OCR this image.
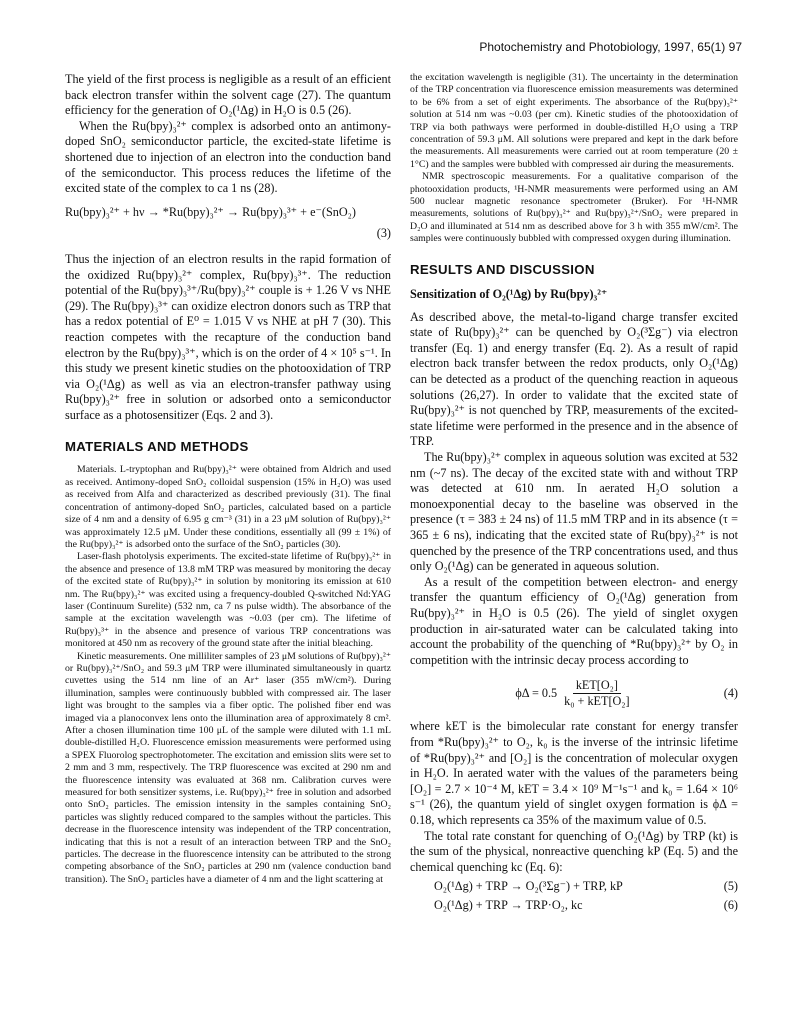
Photochemistry and Photobiology, 1997, 65(1) 97

The yield of the first process is negligible as a result of an efficient back electron transfer within the solvent cage (27). The quantum efficiency for the generation of O₂(¹Δg) in H₂O is 0.5 (26).

When the Ru(bpy)₃²⁺ complex is adsorbed onto an antimony-doped SnO₂ semiconductor particle, the excited-state lifetime is shortened due to injection of an electron into the conduction band of the semiconductor. This process reduces the lifetime of the excited state of the complex to ca 1 ns (28).

Ru(bpy)₃²⁺ + hν → *Ru(bpy)₃²⁺ → Ru(bpy)₃³⁺ + e⁻(SnO₂)
(3)

Thus the injection of an electron results in the rapid formation of the oxidized Ru(bpy)₃²⁺ complex, Ru(bpy)₃³⁺. The reduction potential of the Ru(bpy)₃³⁺/Ru(bpy)₃²⁺ couple is + 1.26 V vs NHE (29). The Ru(bpy)₃³⁺ can oxidize electron donors such as TRP that has a redox potential of E⁰ = 1.015 V vs NHE at pH 7 (30). This reaction competes with the recapture of the conduction band electron by the Ru(bpy)₃³⁺, which is on the order of 4 × 10⁵ s⁻¹. In this study we present kinetic studies on the photooxidation of TRP via O₂(¹Δg) as well as via an electron-transfer pathway using Ru(bpy)₃²⁺ free in solution or adsorbed onto a semiconductor surface as a photosensitizer (Eqs. 2 and 3).

MATERIALS AND METHODS

Materials. L-tryptophan and Ru(bpy)₃²⁺ were obtained from Aldrich and used as received. Antimony-doped SnO₂ colloidal suspension (15% in H₂O) was used as received from Alfa and characterized as described previously (31). The final concentration of antimony-doped SnO₂ particles, calculated based on a particle size of 4 nm and a density of 6.95 g cm⁻³ (31) in a 23 μM solution of Ru(bpy)₃²⁺ was approximately 12.5 μM. Under these conditions, essentially all (99 ± 1%) of the Ru(bpy)₃²⁺ is adsorbed onto the surface of the SnO₂ particles (30).

Laser-flash photolysis experiments. The excited-state lifetime of Ru(bpy)₃²⁺ in the absence and presence of 13.8 mM TRP was measured by monitoring the decay of the excited state of Ru(bpy)₃²⁺ in solution by monitoring its emission at 610 nm. The Ru(bpy)₃²⁺ was excited using a frequency-doubled Q-switched Nd:YAG laser (Continuum Surelite) (532 nm, ca 7 ns pulse width). The absorbance of the sample at the excitation wavelength was ~0.03 (per cm). The lifetime of Ru(bpy)₃³⁺ in the absence and presence of various TRP concentrations was monitored at 450 nm as recovery of the ground state after the initial bleaching.

Kinetic measurements. One milliliter samples of 23 μM solutions of Ru(bpy)₃²⁺ or Ru(bpy)₃²⁺/SnO₂ and 59.3 μM TRP were illuminated simultaneously in quartz cuvettes using the 514 nm line of an Ar⁺ laser (355 mW/cm²). During illumination, samples were continuously bubbled with compressed air. The laser light was brought to the samples via a fiber optic. The polished fiber end was imaged via a planoconvex lens onto the illumination area of approximately 8 cm². After a chosen illumination time 100 μL of the sample were diluted with 1.1 mL double-distilled H₂O. Fluorescence emission measurements were performed using a SPEX Fluorolog spectrophotometer. The excitation and emission slits were set to 2 mm and 3 mm, respectively. The TRP fluorescence was excited at 290 nm and the fluorescence intensity was evaluated at 368 nm. Calibration curves were measured for both sensitizer systems, i.e. Ru(bpy)₃²⁺ free in solution and adsorbed onto SnO₂ particles. The emission intensity in the samples containing SnO₂ particles was slightly reduced compared to the samples without the particles. This decrease in the fluorescence intensity was independent of the TRP concentration, indicating that this is not a result of an interaction between TRP and the SnO₂ particles. The decrease in the fluorescence intensity can be attributed to the strong competing absorbance of the SnO₂ particles at 290 nm (valence conduction band transition). The SnO₂ particles have a diameter of 4 nm and the light scattering at

the excitation wavelength is negligible (31). The uncertainty in the determination of the TRP concentration via fluorescence emission measurements was determined to be 6% from a set of eight experiments. The absorbance of the Ru(bpy)₃²⁺ solution at 514 nm was ~0.03 (per cm). Kinetic studies of the photooxidation of TRP via both pathways were performed in double-distilled H₂O using a TRP concentration of 59.3 μM. All solutions were prepared and kept in the dark before the measurements. All measurements were carried out at room temperature (20 ± 1°C) and the samples were bubbled with compressed air during the measurements.

NMR spectroscopic measurements. For a qualitative comparison of the photooxidation products, ¹H-NMR measurements were performed using an AM 500 nuclear magnetic resonance spectrometer (Bruker). For ¹H-NMR measurements, solutions of Ru(bpy)₃²⁺ and Ru(bpy)₃²⁺/SnO₂ were prepared in D₂O and illuminated at 514 nm as described above for 3 h with 355 mW/cm². The samples were continuously bubbled with compressed oxygen during illumination.

RESULTS AND DISCUSSION
Sensitization of O₂(¹Δg) by Ru(bpy)₃²⁺

As described above, the metal-to-ligand charge transfer excited state of Ru(bpy)₃²⁺ can be quenched by O₂(³Σg⁻) via electron transfer (Eq. 1) and energy transfer (Eq. 2). As a result of rapid electron back transfer between the redox products, only O₂(¹Δg) can be detected as a product of the quenching reaction in aqueous solutions (26,27). In order to validate that the excited state of Ru(bpy)₃²⁺ is not quenched by TRP, measurements of the excited-state lifetime were performed in the presence and in the absence of TRP.

The Ru(bpy)₃²⁺ complex in aqueous solution was excited at 532 nm (~7 ns). The decay of the excited state with and without TRP was detected at 610 nm. In aerated H₂O solution a monoexponential decay to the baseline was observed in the presence (τ = 383 ± 24 ns) of 11.5 mM TRP and in its absence (τ = 365 ± 6 ns), indicating that the excited state of Ru(bpy)₃²⁺ is not quenched by the presence of the TRP concentrations used, and thus only O₂(¹Δg) can be generated in aqueous solution.

As a result of the competition between electron- and energy transfer the quantum efficiency of O₂(¹Δg) generation from Ru(bpy)₃²⁺ in H₂O is 0.5 (26). The yield of singlet oxygen production in air-saturated water can be calculated taking into account the probability of the quenching of *Ru(bpy)₃²⁺ by O₂ in competition with the intrinsic decay process according to

$\phi\Delta = 0.5 \frac{\text{kET[O₂]}}{\text{k₀ + kET[O₂]}}$	(4)

where kET is the bimolecular rate constant for energy transfer from *Ru(bpy)₃²⁺ to O₂, k₀ is the inverse of the intrinsic lifetime of *Ru(bpy)₃²⁺ and [O₂] is the concentration of molecular oxygen in H₂O. In aerated water with the values of the parameters being [O₂] = 2.7 × 10⁻⁴ M, kET = 3.4 × 10⁹ M⁻¹s⁻¹ and k₀ = 1.64 × 10⁶ s⁻¹ (26), the quantum yield of singlet oxygen formation is ϕΔ = 0.18, which represents ca 35% of the maximum value of 0.5.

The total rate constant for quenching of O₂(¹Δg) by TRP (kt) is the sum of the physical, nonreactive quenching kP (Eq. 5) and the chemical quenching kc (Eq. 6):

O₂(¹Δg) + TRP → O₂(³Σg⁻) + TRP, kP	(5)
O₂(¹Δg) + TRP → TRP·O₂, kc	(6)
